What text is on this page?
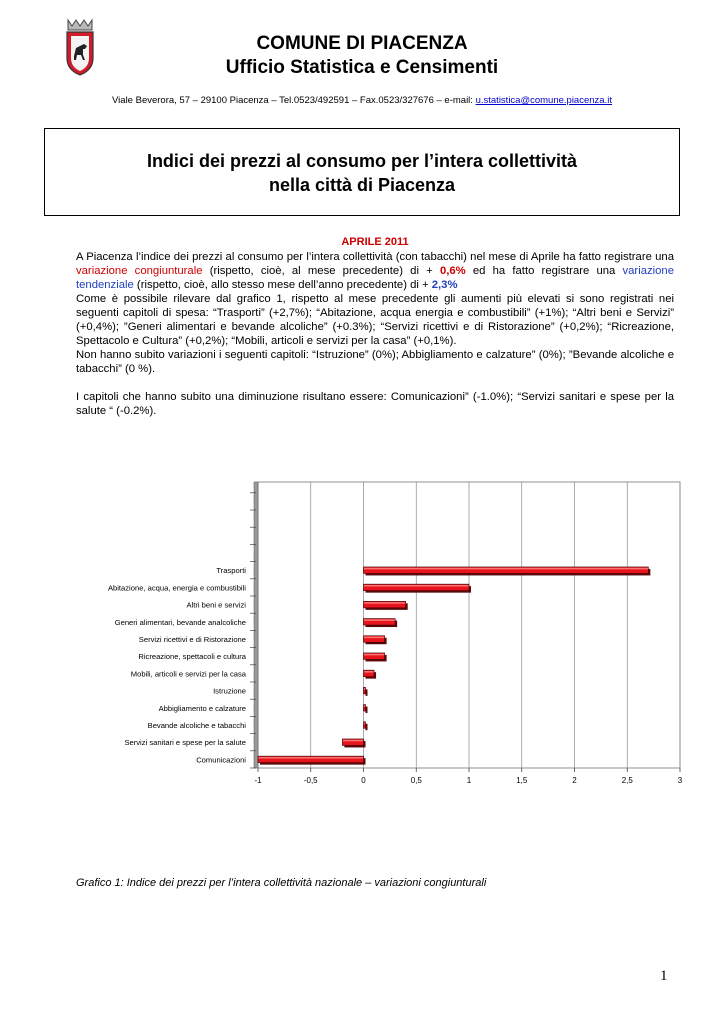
COMUNE DI PIACENZA
Ufficio Statistica e Censimenti
Viale Beverora, 57 – 29100 Piacenza – Tel.0523/492591 – Fax.0523/327676 – e-mail: u.statistica@comune.piacenza.it
Indici dei prezzi al consumo per l’intera collettività
nella città di Piacenza
APRILE 2011

A Piacenza l’indice dei prezzi al consumo per l’intera collettività (con tabacchi) nel mese di Aprile ha fatto registrare una variazione congiunturale (rispetto, cioè, al mese precedente) di + 0,6% ed ha fatto registrare una variazione tendenziale (rispetto, cioè, allo stesso mese dell’anno precedente) di + 2,3%

Come è possibile rilevare dal grafico 1, rispetto al mese precedente gli aumenti più elevati si sono registrati nei seguenti capitoli di spesa: “Trasporti” (+2,7%); “Abitazione, acqua energia e combustibili” (+1%); “Altri beni e Servizi” (+0,4%); ”Generi alimentari e bevande alcoliche” (+0.3%); “Servizi ricettivi e di Ristorazione” (+0,2%); “Ricreazione, Spettacolo e Cultura” (+0,2%); “Mobili, articoli e servizi per la casa” (+0,1%).

Non hanno subito variazioni i seguenti capitoli: “Istruzione” (0%); Abbigliamento e calzature” (0%); ”Bevande alcoliche e tabacchi” (0 %).

I capitoli che hanno subito una diminuzione risultano essere: Comunicazioni” (-1.0%); “Servizi sanitari e spese per la salute “ (-0.2%).

-1	-0,5	0	0,5	1	1,5	2	2,5	3
Trasporti
Abitazione, acqua, energia e combustibili
Altri beni e servizi
Generi alimentari, bevande analcoliche
Servizi ricettivi e di Ristorazione
Ricreazione, spettacoli e cultura
Mobili, articoli e servizi per la casa
Istruzione
Abbigliamento e calzature
Bevande alcoliche e tabacchi
Servizi sanitari e spese per la salute
Comunicazioni
Grafico 1: Indice dei prezzi per l’intera collettività nazionale – variazioni congiunturali
1
